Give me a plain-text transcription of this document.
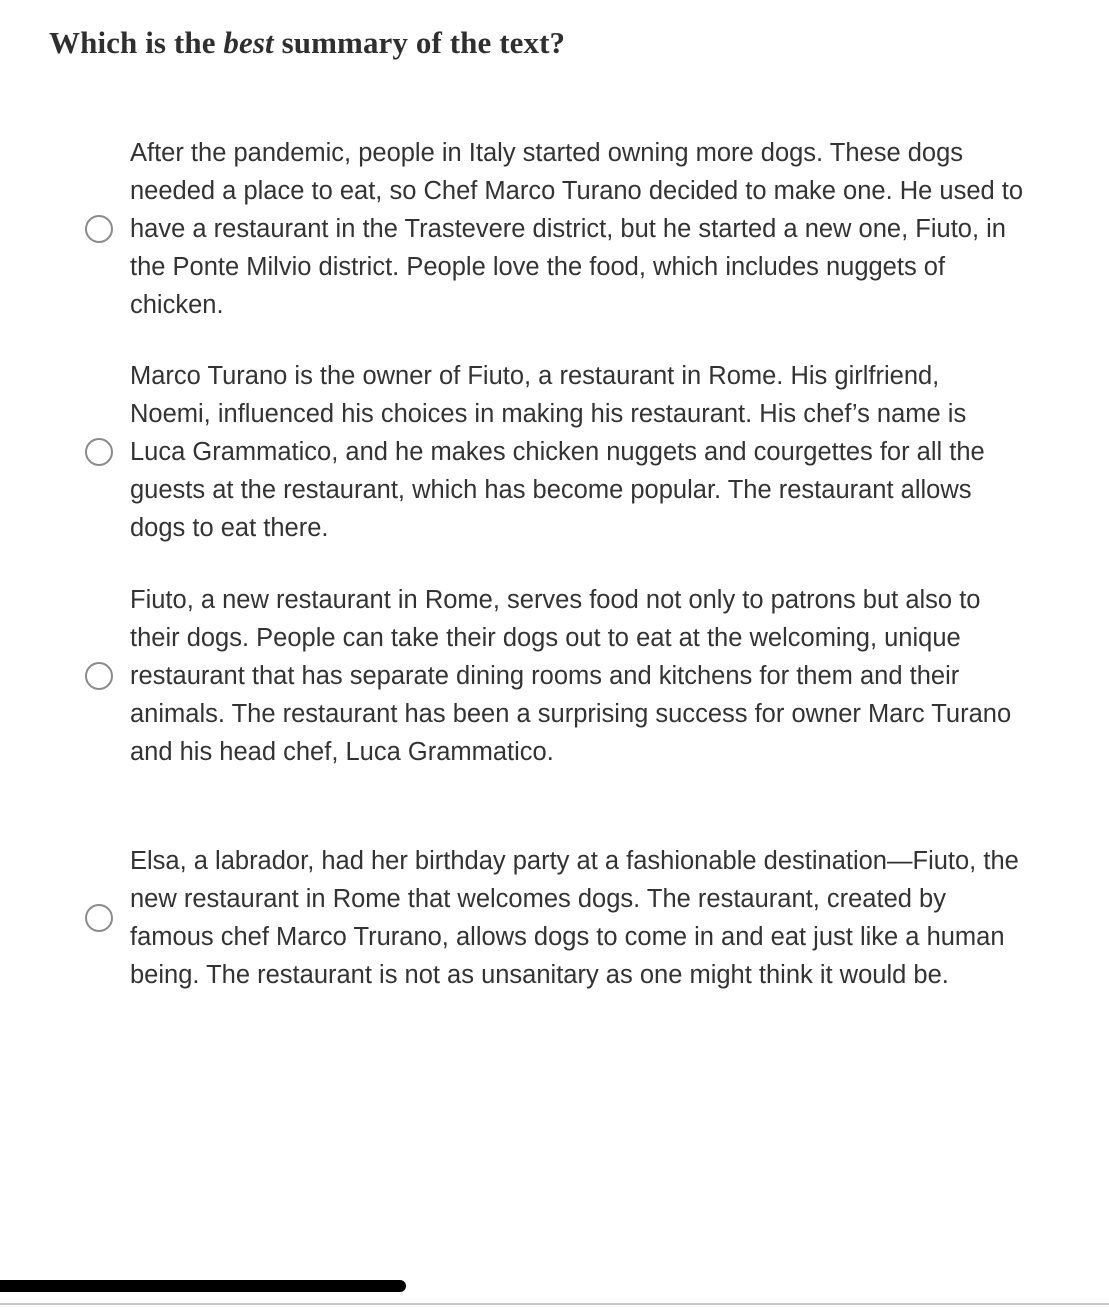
Which is the best summary of the text?
After the pandemic, people in Italy started owning more dogs. These dogs needed a place to eat, so Chef Marco Turano decided to make one. He used to have a restaurant in the Trastevere district, but he started a new one, Fiuto, in the Ponte Milvio district. People love the food, which includes nuggets of chicken.
Marco Turano is the owner of Fiuto, a restaurant in Rome. His girlfriend, Noemi, influenced his choices in making his restaurant. His chef’s name is Luca Grammatico, and he makes chicken nuggets and courgettes for all the guests at the restaurant, which has become popular. The restaurant allows dogs to eat there.
Fiuto, a new restaurant in Rome, serves food not only to patrons but also to their dogs. People can take their dogs out to eat at the welcoming, unique restaurant that has separate dining rooms and kitchens for them and their animals. The restaurant has been a surprising success for owner Marc Turano and his head chef, Luca Grammatico.
Elsa, a labrador, had her birthday party at a fashionable destination—Fiuto, the new restaurant in Rome that welcomes dogs. The restaurant, created by famous chef Marco Trurano, allows dogs to come in and eat just like a human being. The restaurant is not as unsanitary as one might think it would be.
